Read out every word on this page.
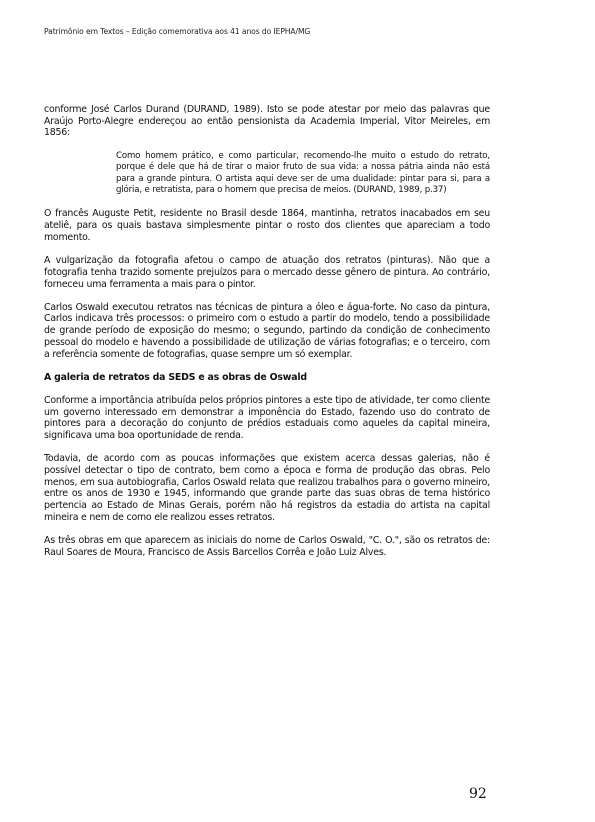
Patrimônio em Textos – Edição comemorativa aos 41 anos do IEPHA/MG

conforme José Carlos Durand (DURAND, 1989). Isto se pode atestar por meio das palavras que Araújo Porto-Alegre endereçou ao então pensionista da Academia Imperial, Vitor Meireles, em 1856:

Como homem prático, e como particular, recomendo-lhe muito o estudo do retrato, porque é dele que há de tirar o maior fruto de sua vida: a nossa pátria ainda não está para a grande pintura. O artista aqui deve ser de uma dualidade: pintar para si, para a glória, e retratista, para o homem que precisa de meios. (DURAND, 1989, p.37)

O francês Auguste Petit, residente no Brasil desde 1864, mantinha, retratos inacabados em seu ateliê, para os quais bastava simplesmente pintar o rosto dos clientes que apareciam a todo momento.

A vulgarização da fotografia afetou o campo de atuação dos retratos (pinturas). Não que a fotografia tenha trazido somente prejuízos para o mercado desse gênero de pintura. Ao contrário, forneceu uma ferramenta a mais para o pintor.

Carlos Oswald executou retratos nas técnicas de pintura a óleo e água-forte. No caso da pintura, Carlos indicava três processos: o primeiro com o estudo a partir do modelo, tendo a possibilidade de grande período de exposição do mesmo; o segundo, partindo da condição de conhecimento pessoal do modelo e havendo a possibilidade de utilização de várias fotografias; e o terceiro, com a referência somente de fotografias, quase sempre um só exemplar.

A galeria de retratos da SEDS e as obras de Oswald

Conforme a importância atribuída pelos próprios pintores a este tipo de atividade, ter como cliente um governo interessado em demonstrar a imponência do Estado, fazendo uso do contrato de pintores para a decoração do conjunto de prédios estaduais como aqueles da capital mineira, significava uma boa oportunidade de renda.

Todavia, de acordo com as poucas informações que existem acerca dessas galerias, não é possível detectar o tipo de contrato, bem como a época e forma de produção das obras. Pelo menos, em sua autobiografia, Carlos Oswald relata que realizou trabalhos para o governo mineiro, entre os anos de 1930 e 1945, informando que grande parte das suas obras de tema histórico pertencia ao Estado de Minas Gerais, porém não há registros da estadia do artista na capital mineira e nem de como ele realizou esses retratos.

As três obras em que aparecem as iniciais do nome de Carlos Oswald, "C. O.", são os retratos de: Raul Soares de Moura, Francisco de Assis Barcellos Corrêa e João Luiz Alves.

92
